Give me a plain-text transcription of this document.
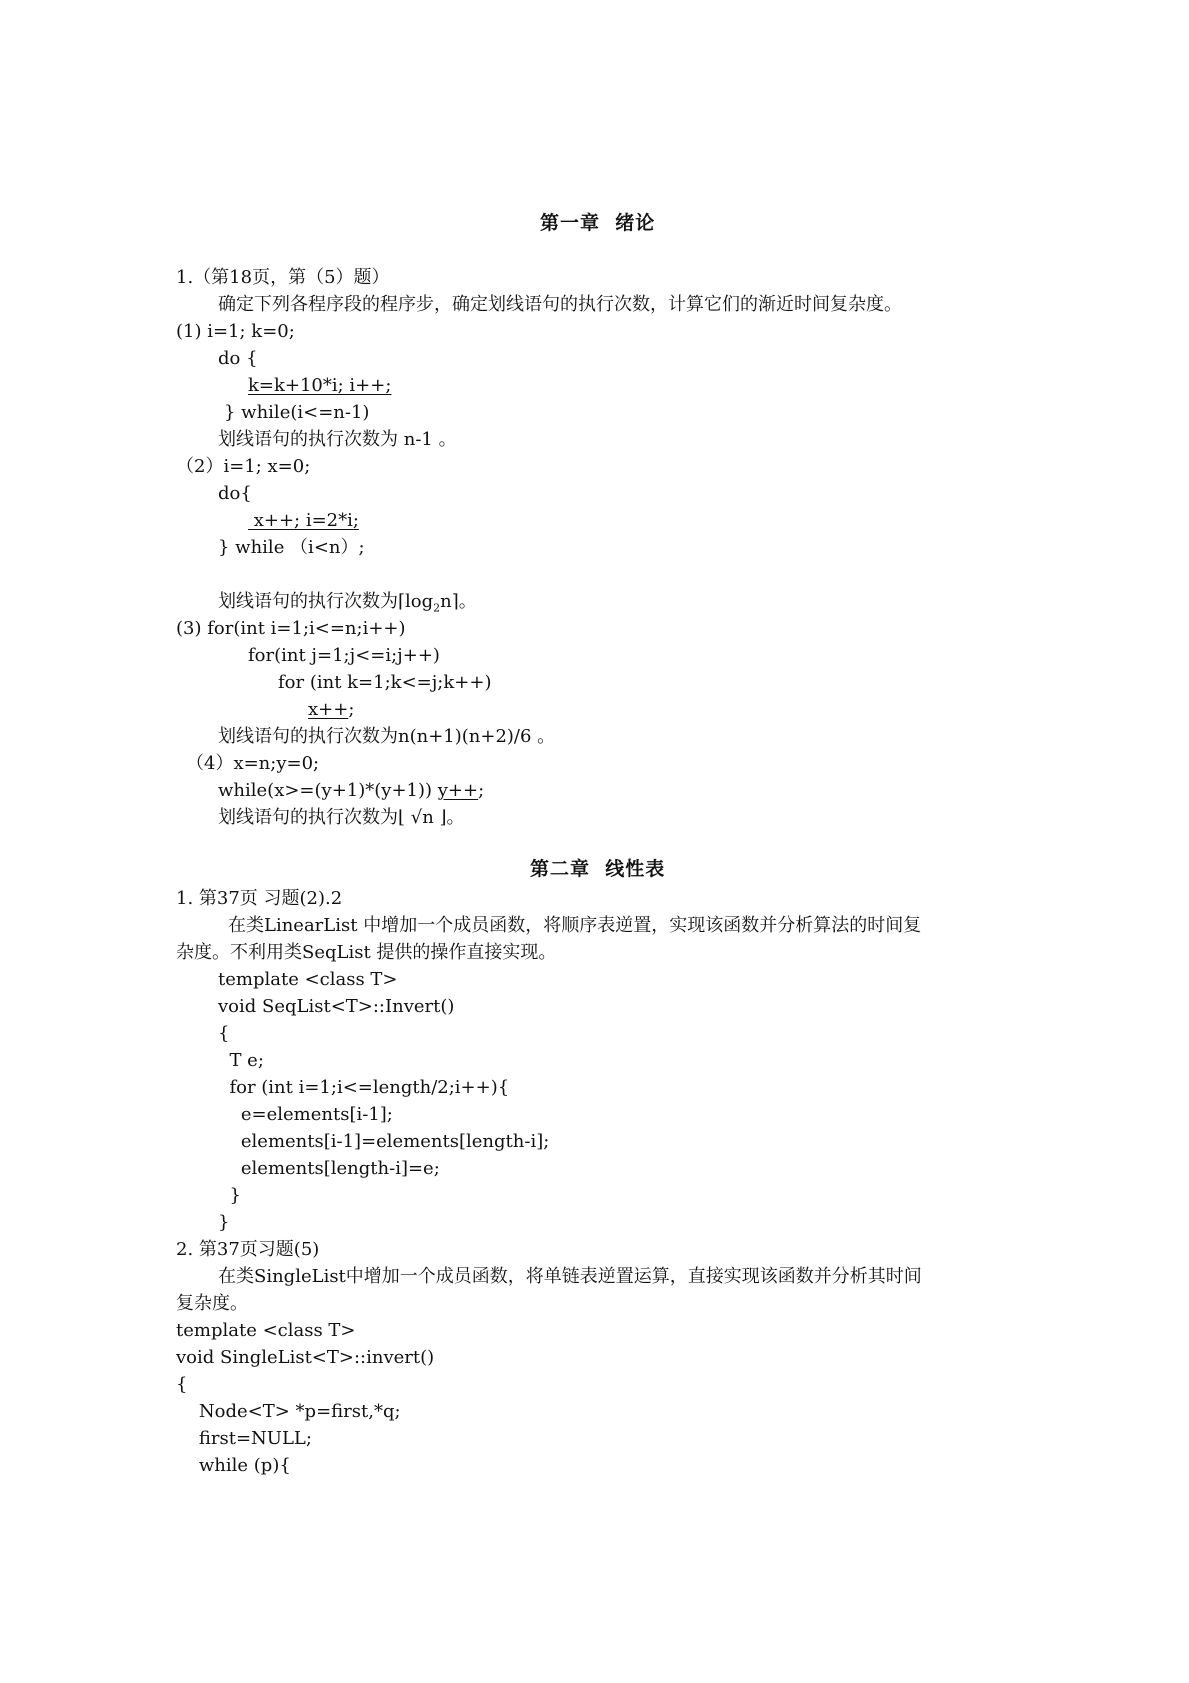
第一章  绪论
1.（第18页，第（5）题）
确定下列各程序段的程序步，确定划线语句的执行次数，计算它们的渐近时间复杂度。
(1) i=1; k=0;
do {
k=k+10*i; i++;
} while(i<=n-1)
划线语句的执行次数为 n-1 。
（2）i=1; x=0;
do{
x++; i=2*i;
} while （i<n）;
划线语句的执行次数为$⌈\log_2n⌉$。
(3) for(int i=1;i<=n;i++)
for(int j=1;j<=i;j++)
for (int k=1;k<=j;k++)
x++;
划线语句的执行次数为n(n+1)(n+2)/6 。
（4）x=n;y=0;
while(x>=(y+1)*(y+1)) y++;
划线语句的执行次数为⌊ √n ⌋。
第二章  线性表
1. 第37页 习题(2).2
在类LinearList 中增加一个成员函数，将顺序表逆置，实现该函数并分析算法的时间复
杂度。不利用类SeqList 提供的操作直接实现。
template <class T>
void SeqList<T>::Invert()
{
T e;
for (int i=1;i<=length/2;i++){
e=elements[i-1];
elements[i-1]=elements[length-i];
elements[length-i]=e;
}
}
2. 第37页习题(5)
在类SingleList中增加一个成员函数，将单链表逆置运算，直接实现该函数并分析其时间
复杂度。
template <class T>
void SingleList<T>::invert()
{
Node<T> *p=first,*q;
first=NULL;
while (p){
